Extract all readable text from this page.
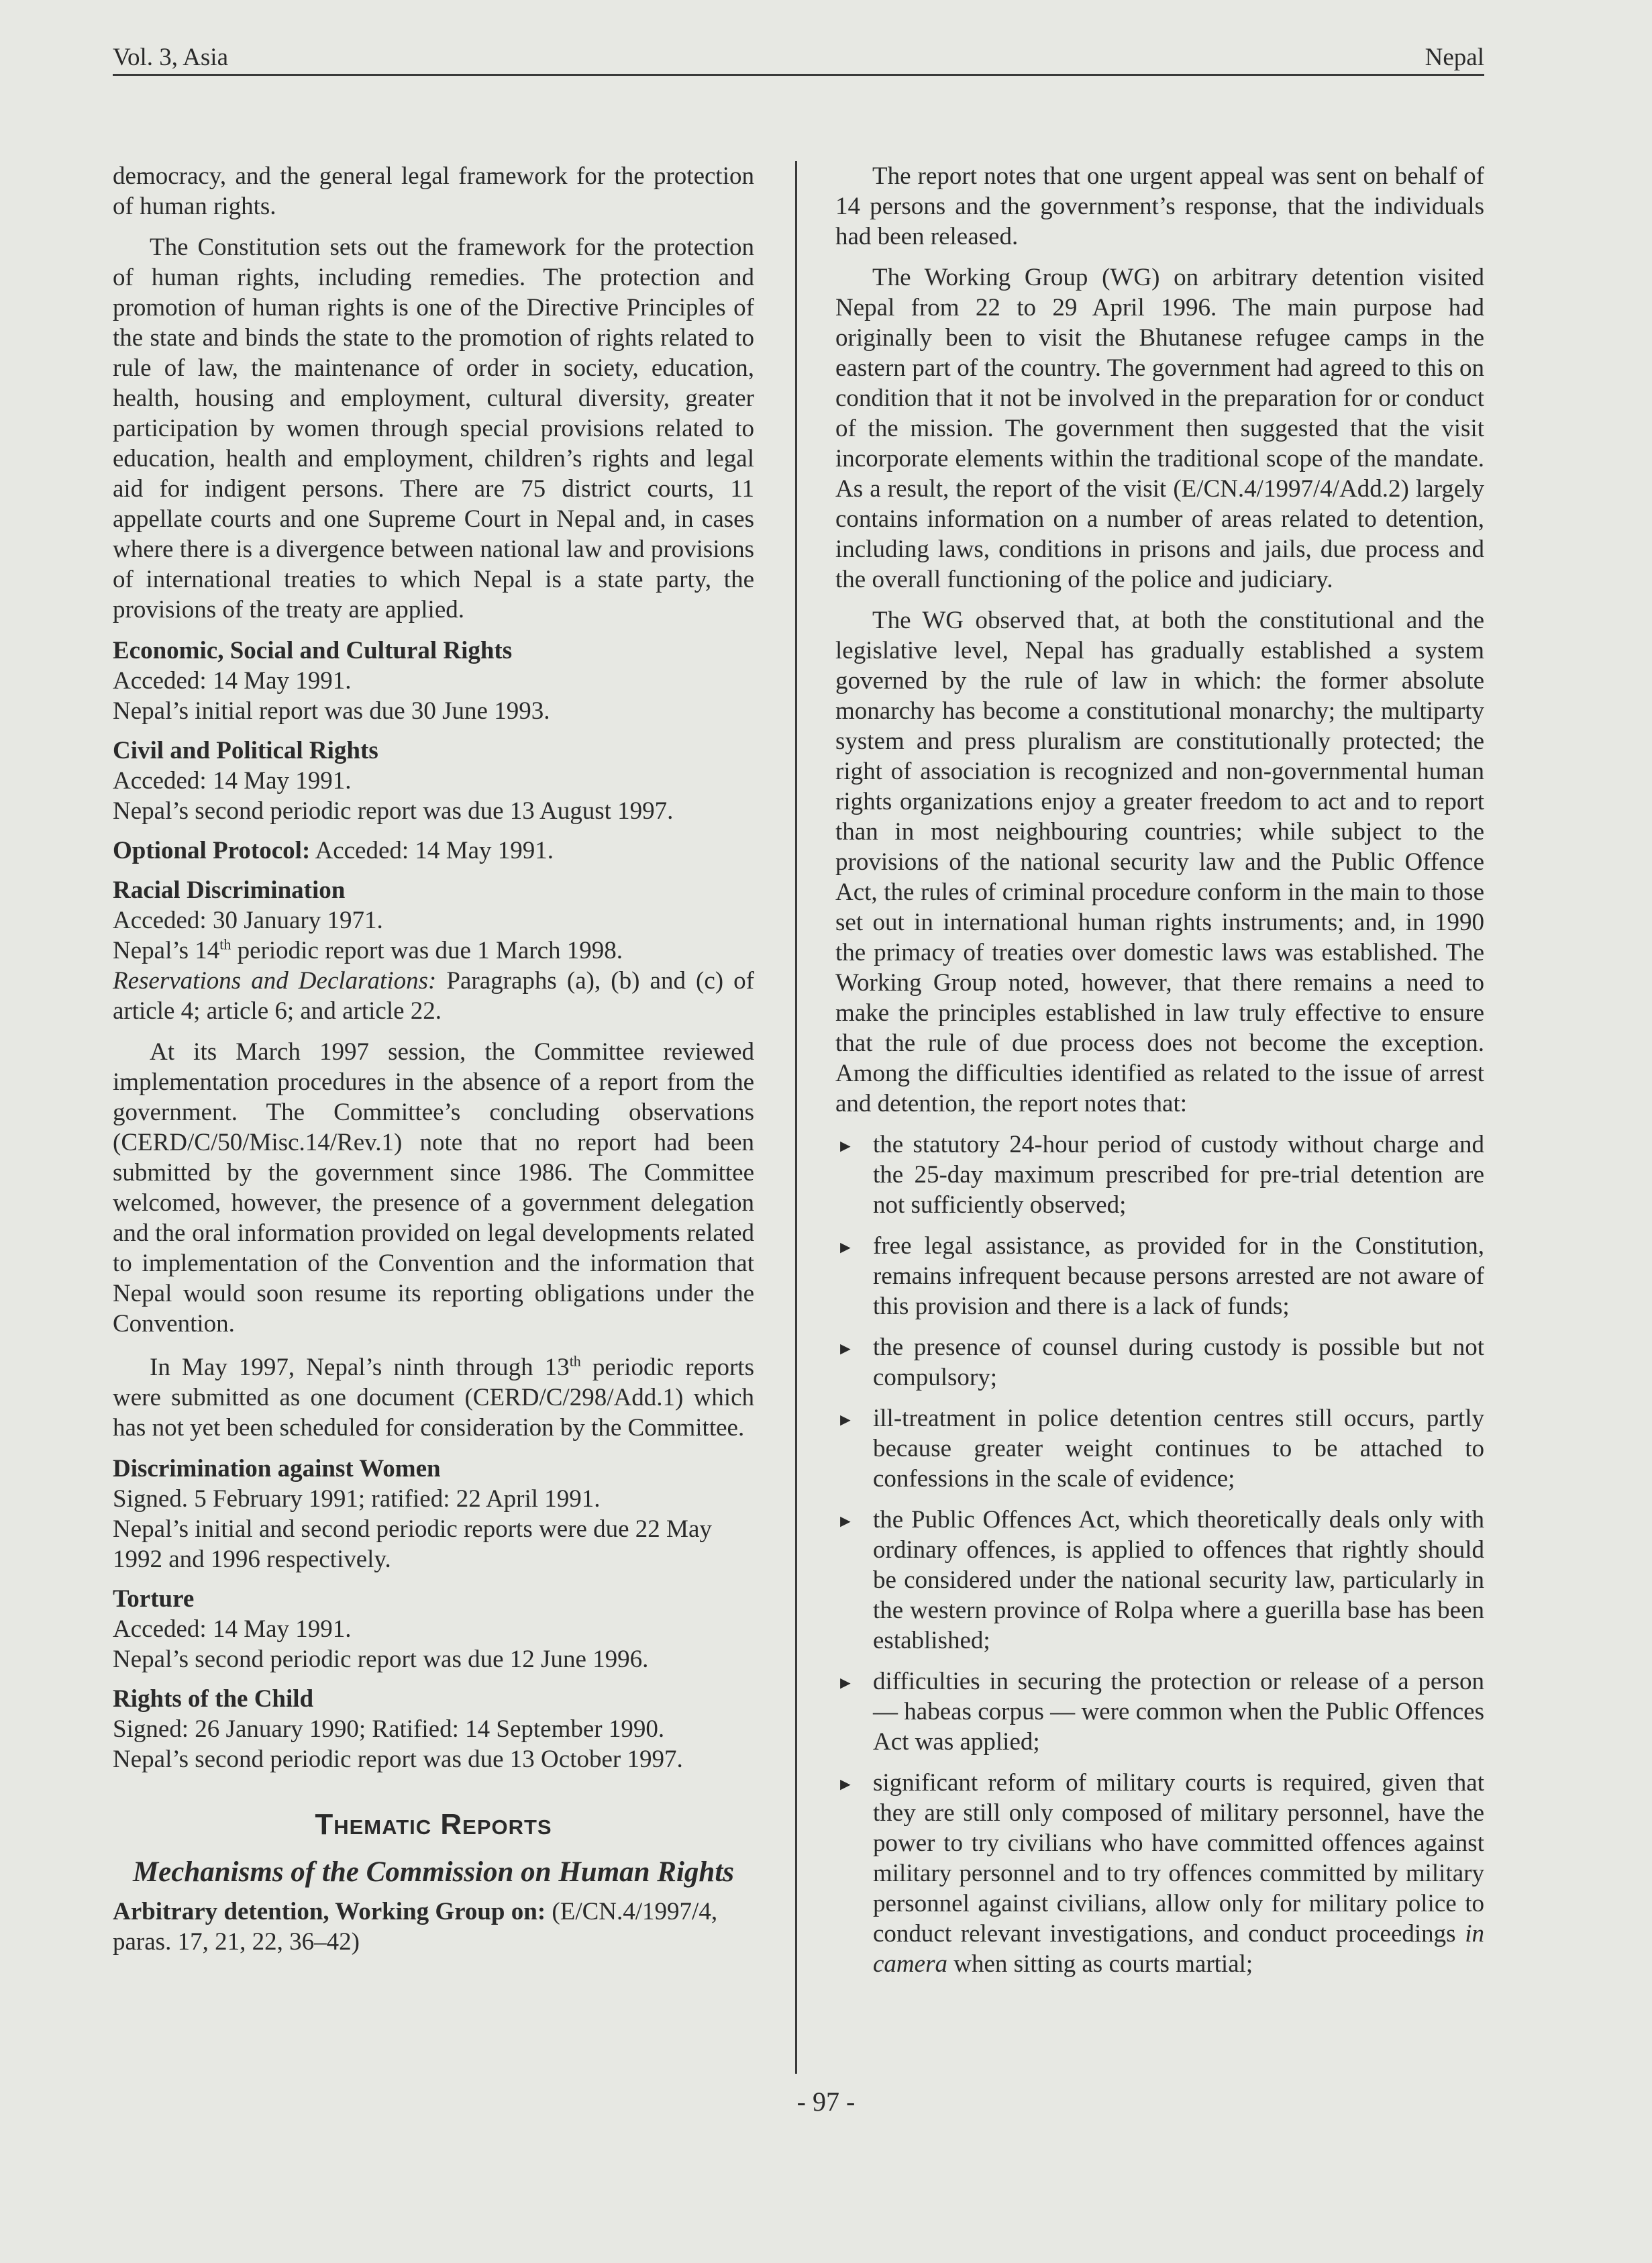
Vol. 3, Asia	Nepal

democracy, and the general legal framework for the protection of human rights.

The Constitution sets out the framework for the protection of human rights, including remedies. The protection and promotion of human rights is one of the Directive Principles of the state and binds the state to the promotion of rights related to rule of law, the maintenance of order in society, education, health, housing and employment, cultural diversity, greater participation by women through special provisions related to education, health and employment, children’s rights and legal aid for indigent persons. There are 75 district courts, 11 appellate courts and one Supreme Court in Nepal and, in cases where there is a divergence between national law and provisions of international treaties to which Nepal is a state party, the provisions of the treaty are applied.

Economic, Social and Cultural Rights

Acceded: 14 May 1991.

Nepal’s initial report was due 30 June 1993.

Civil and Political Rights

Acceded: 14 May 1991.

Nepal’s second periodic report was due 13 August 1997.

Optional Protocol: Acceded: 14 May 1991.

Racial Discrimination

Acceded: 30 January 1971.

Nepal’s 14th periodic report was due 1 March 1998.

Reservations and Declarations: Paragraphs (a), (b) and (c) of article 4; article 6; and article 22.

At its March 1997 session, the Committee reviewed implementation procedures in the absence of a report from the government. The Committee’s concluding observations (CERD/C/50/Misc.14/Rev.1) note that no report had been submitted by the government since 1986. The Committee welcomed, however, the presence of a government delegation and the oral information provided on legal developments related to implementation of the Convention and the information that Nepal would soon resume its reporting obligations under the Convention.

In May 1997, Nepal’s ninth through 13th periodic reports were submitted as one document (CERD/C/298/Add.1) which has not yet been scheduled for consideration by the Committee.

Discrimination against Women

Signed. 5 February 1991; ratified: 22 April 1991.

Nepal’s initial and second periodic reports were due 22 May 1992 and 1996 respectively.

Torture

Acceded: 14 May 1991.

Nepal’s second periodic report was due 12 June 1996.

Rights of the Child

Signed: 26 January 1990; Ratified: 14 September 1990.

Nepal’s second periodic report was due 13 October 1997.

Thematic Reports

Mechanisms of the Commission on Human Rights

Arbitrary detention, Working Group on: (E/CN.4/1997/4, paras. 17, 21, 22, 36–42)

The report notes that one urgent appeal was sent on behalf of 14 persons and the government’s response, that the individuals had been released.

The Working Group (WG) on arbitrary detention visited Nepal from 22 to 29 April 1996. The main purpose had originally been to visit the Bhutanese refugee camps in the eastern part of the country. The government had agreed to this on condition that it not be involved in the preparation for or conduct of the mission. The government then suggested that the visit incorporate elements within the traditional scope of the mandate. As a result, the report of the visit (E/CN.4/1997/4/Add.2) largely contains information on a number of areas related to detention, including laws, conditions in prisons and jails, due process and the overall functioning of the police and judiciary.

The WG observed that, at both the constitutional and the legislative level, Nepal has gradually established a system governed by the rule of law in which: the former absolute monarchy has become a constitutional monarchy; the multiparty system and press pluralism are constitutionally protected; the right of association is recognized and non-governmental human rights organizations enjoy a greater freedom to act and to report than in most neighbouring countries; while subject to the provisions of the national security law and the Public Offence Act, the rules of criminal procedure conform in the main to those set out in international human rights instruments; and, in 1990 the primacy of treaties over domestic laws was established. The Working Group noted, however, that there remains a need to make the principles established in law truly effective to ensure that the rule of due process does not become the exception. Among the difficulties identified as related to the issue of arrest and detention, the report notes that:

► the statutory 24-hour period of custody without charge and the 25-day maximum prescribed for pre-trial detention are not sufficiently observed;
► free legal assistance, as provided for in the Constitution, remains infrequent because persons arrested are not aware of this provision and there is a lack of funds;
► the presence of counsel during custody is possible but not compulsory;
► ill-treatment in police detention centres still occurs, partly because greater weight continues to be attached to confessions in the scale of evidence;
► the Public Offences Act, which theoretically deals only with ordinary offences, is applied to offences that rightly should be considered under the national security law, particularly in the western province of Rolpa where a guerilla base has been established;
► difficulties in securing the protection or release of a person — habeas corpus — were common when the Public Offences Act was applied;
► significant reform of military courts is required, given that they are still only composed of military personnel, have the power to try civilians who have committed offences against military personnel and to try offences committed by military personnel against civilians, allow only for military police to conduct relevant investigations, and conduct proceedings in camera when sitting as courts martial;
- 97 -
